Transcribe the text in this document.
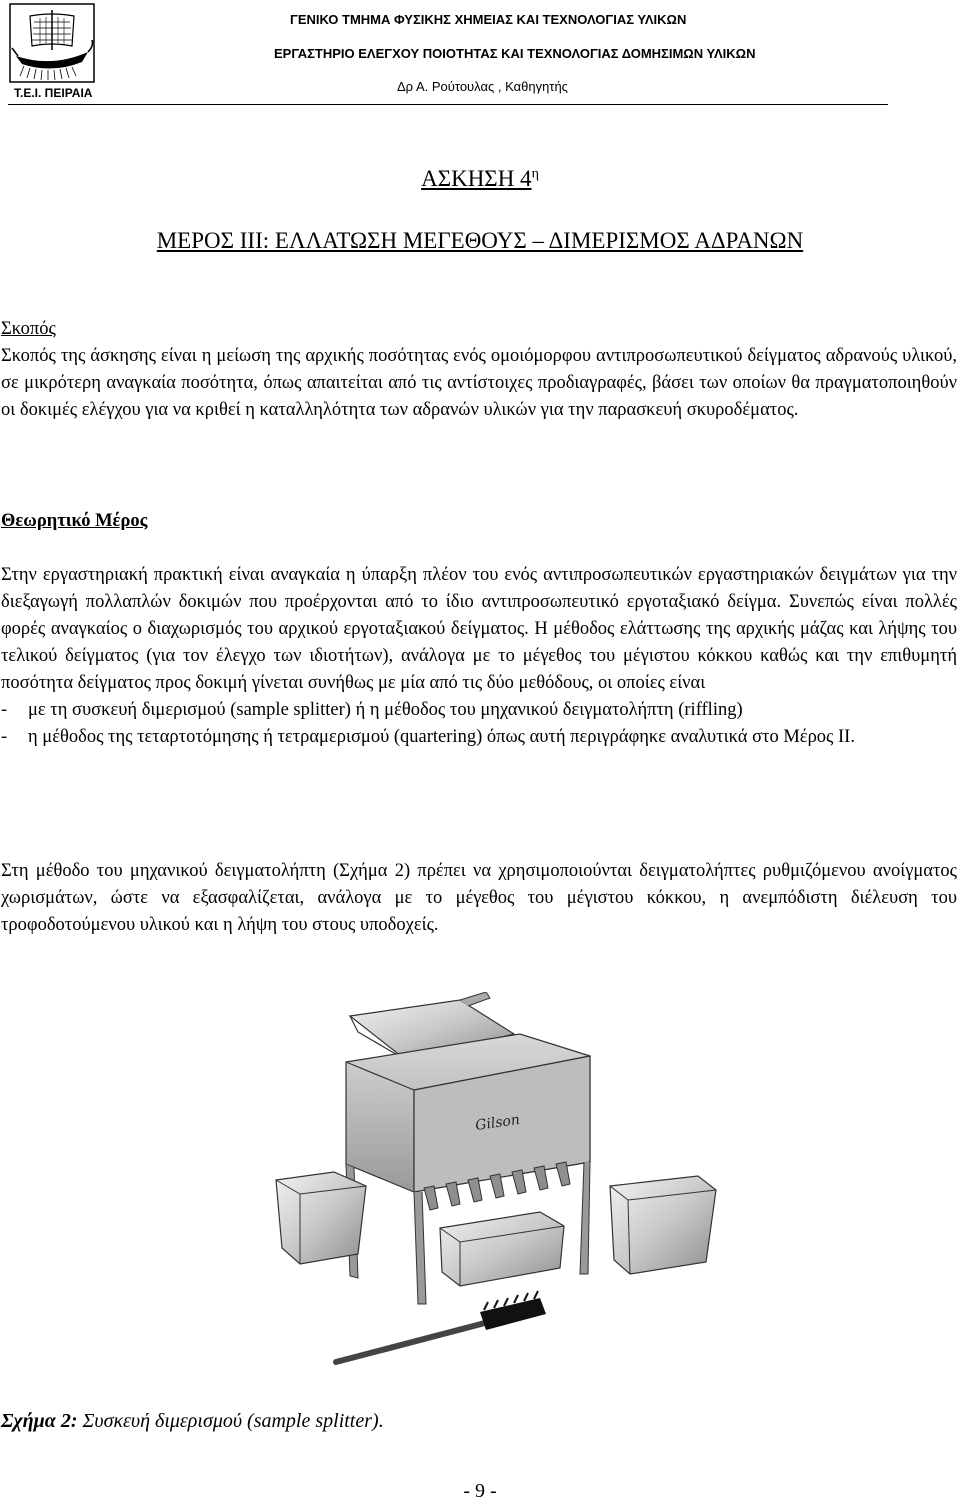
Τ.Ε.Ι. ΠΕΙΡΑΙΑ
ΓΕΝΙΚΟ ΤΜΗΜΑ ΦΥΣΙΚΗΣ ΧΗΜΕΙΑΣ ΚΑΙ ΤΕΧΝΟΛΟΓΙΑΣ ΥΛΙΚΩΝ
ΕΡΓΑΣΤΗΡΙΟ ΕΛΕΓΧΟΥ ΠΟΙΟΤΗΤΑΣ ΚΑΙ ΤΕΧΝΟΛΟΓΙΑΣ ΔΟΜΗΣΙΜΩΝ ΥΛΙΚΩΝ
Δρ Α. Ρούτουλας , Καθηγητής
ΑΣΚΗΣΗ $4^\eta$
ΜΕΡΟΣ ΙΙΙ: ΕΛΛΑΤΩΣΗ ΜΕΓΕΘΟΥΣ – ΔΙΜΕΡΙΣΜΟΣ ΑΔΡΑΝΩΝ
Σκοπός

Σκοπός της άσκησης είναι η μείωση της αρχικής ποσότητας ενός ομοιόμορφου αντιπροσωπευτικού δείγματος αδρανούς υλικού, σε μικρότερη αναγκαία ποσότητα, όπως απαιτείται από τις αντίστοιχες προδιαγραφές, βάσει των οποίων θα πραγματοποιηθούν οι δοκιμές ελέγχου για να κριθεί η καταλληλότητα των αδρανών υλικών για την παρασκευή σκυροδέματος.

Θεωρητικό Μέρος

Στην εργαστηριακή πρακτική είναι αναγκαία η ύπαρξη πλέον του ενός αντιπροσωπευτικών εργαστηριακών δειγμάτων για την διεξαγωγή πολλαπλών δοκιμών που προέρχονται από το ίδιο αντιπροσωπευτικό εργοταξιακό δείγμα. Συνεπώς είναι πολλές φορές αναγκαίος ο διαχωρισμός του αρχικού εργοταξιακού δείγματος. Η μέθοδος ελάττωσης της αρχικής μάζας και λήψης του τελικού δείγματος (για τον έλεγχο των ιδιοτήτων), ανάλογα με το μέγεθος του μέγιστου κόκκου καθώς και την επιθυμητή ποσότητα δείγματος προς δοκιμή γίνεται συνήθως με μία από τις δύο μεθόδους, οι οποίες είναι

-	με τη συσκευή διμερισμού (sample splitter) ή η μέθοδος του μηχανικού δειγματολήπτη (riffling)
-	η μέθοδος της τεταρτοτόμησης ή τετραμερισμού (quartering) όπως αυτή περιγράφηκε αναλυτικά στο Μέρος ΙΙ.

Στη μέθοδο του μηχανικού δειγματολήπτη (Σχήμα 2) πρέπει να χρησιμοποιούνται δειγματολήπτες ρυθμιζόμενου ανοίγματος χωρισμάτων, ώστε να εξασφαλίζεται, ανάλογα με το μέγεθος του μέγιστου κόκκου, η ανεμπόδιστη διέλευση του τροφοδοτούμενου υλικού και η λήψη του στους υποδοχείς.

Gilson
Σχήμα 2: Συσκευή διμερισμού (sample splitter).
- 9 -
